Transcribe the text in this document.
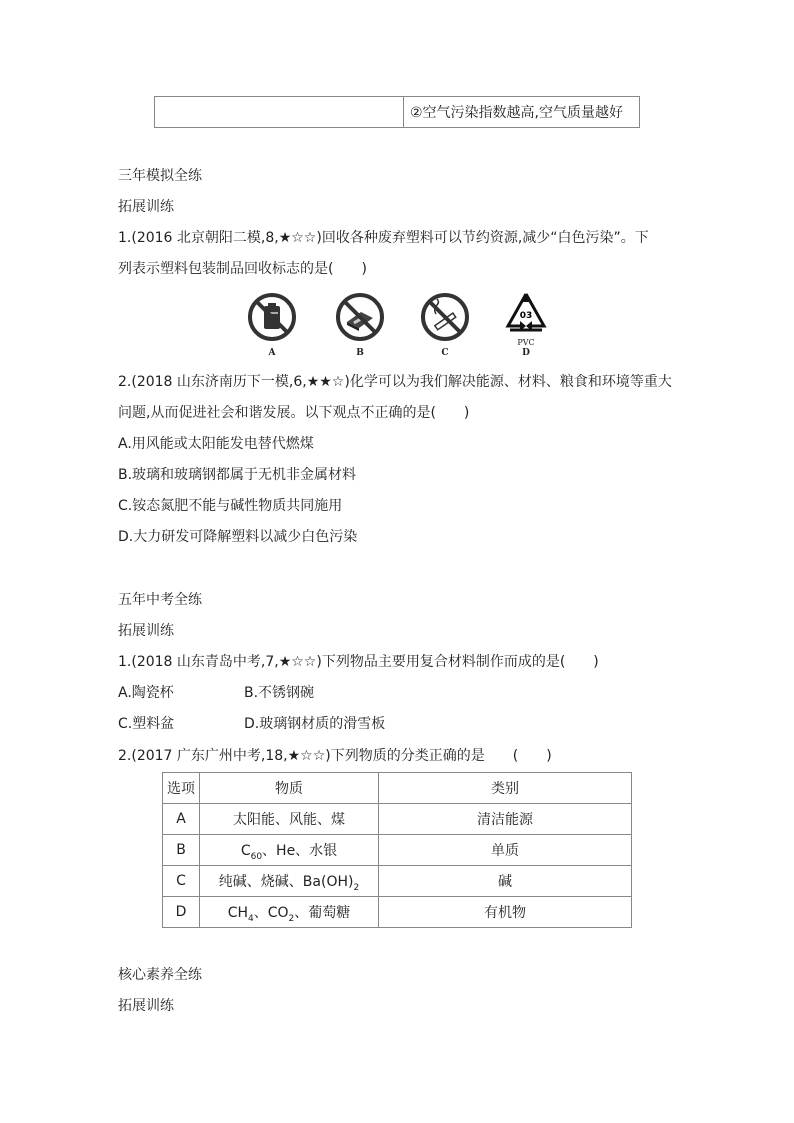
	②空气污染指数越高,空气质量越好
三年模拟全练
拓展训练
1.(2016 北京朝阳二模,8,★☆☆)回收各种废弃塑料可以节约资源,减少“白色污染”。下
列表示塑料包装制品回收标志的是(　　)
A	B	C
03
PVC
D
2.(2018 山东济南历下一模,6,★★☆)化学可以为我们解决能源、材料、粮食和环境等重大
问题,从而促进社会和谐发展。以下观点不正确的是(　　)
A.用风能或太阳能发电替代燃煤
B.玻璃和玻璃钢都属于无机非金属材料
C.铵态氮肥不能与碱性物质共同施用
D.大力研发可降解塑料以减少白色污染
五年中考全练
拓展训练
1.(2018 山东青岛中考,7,★☆☆)下列物品主要用复合材料制作而成的是(　　)
A.陶瓷杯	B.不锈钢碗
C.塑料盆	D.玻璃钢材质的滑雪板
2.(2017 广东广州中考,18,★☆☆)下列物质的分类正确的是　　(　　)
选项	物质	类别
A	太阳能、风能、煤	清洁能源
B	$C_{60}$、He、水银	单质
C	纯碱、烧碱、$Ba(OH)_2$	碱
D	$CH_4$、$CO_2$、葡萄糖	有机物
核心素养全练
拓展训练
